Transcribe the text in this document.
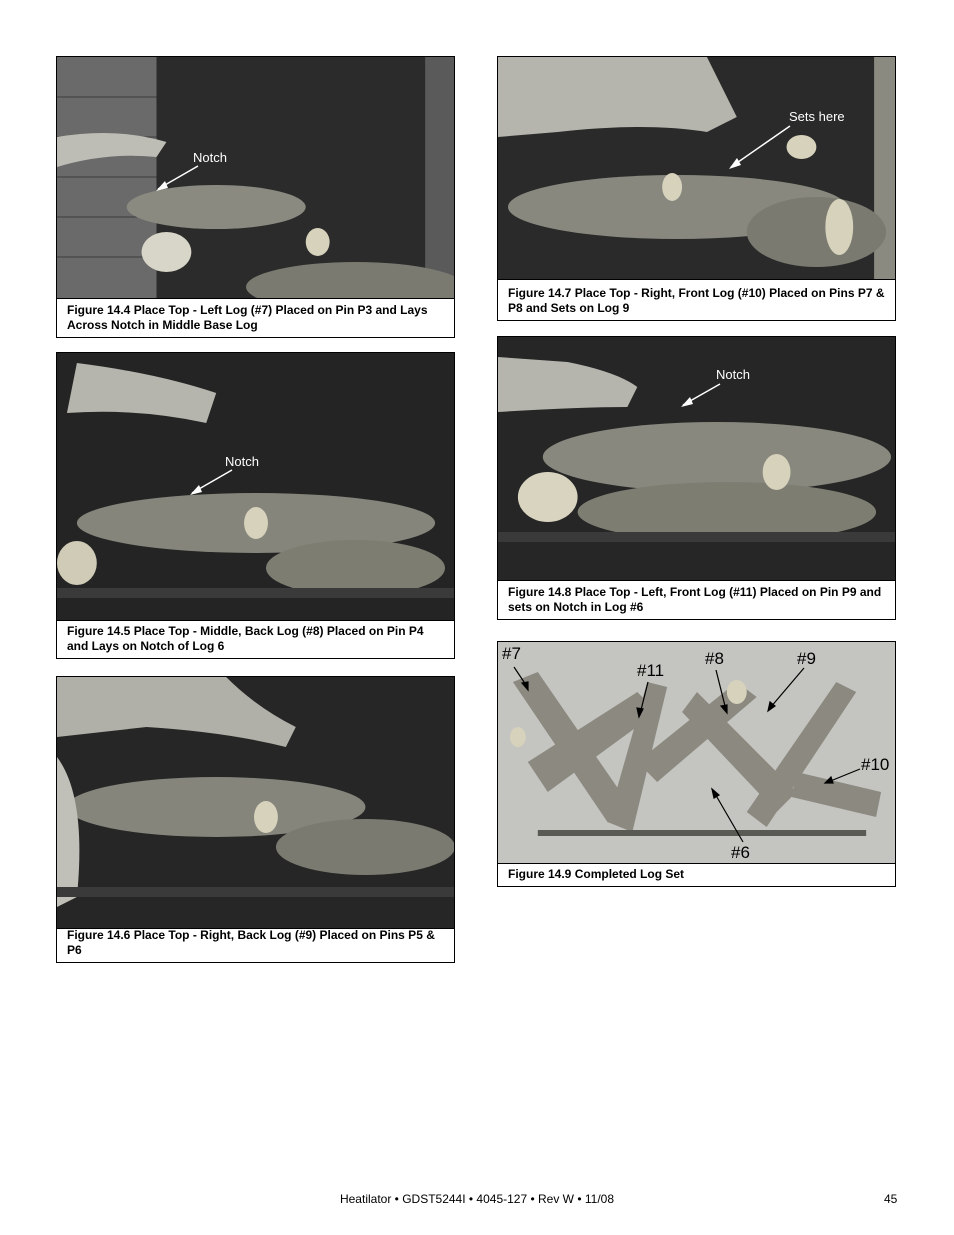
Notch
Figure 14.4 Place Top - Left Log (#7) Placed on Pin P3 and Lays Across Notch in Middle Base Log
Notch
Figure 14.5 Place Top - Middle, Back Log (#8) Placed on Pin P4 and Lays on Notch of Log 6
Figure 14.6 Place Top - Right, Back Log (#9) Placed on Pins P5 & P6
Sets here
Figure 14.7 Place Top - Right, Front Log (#10) Placed on Pins P7 & P8 and Sets on Log 9
Notch
Figure 14.8 Place Top - Left, Front Log (#11) Placed on Pin P9 and sets on Notch in Log #6
#7
#11
#8	#9
#10
#6
Figure 14.9 Completed Log Set
Heatilator • GDST5244I • 4045-127 • Rev W • 11/08	45
